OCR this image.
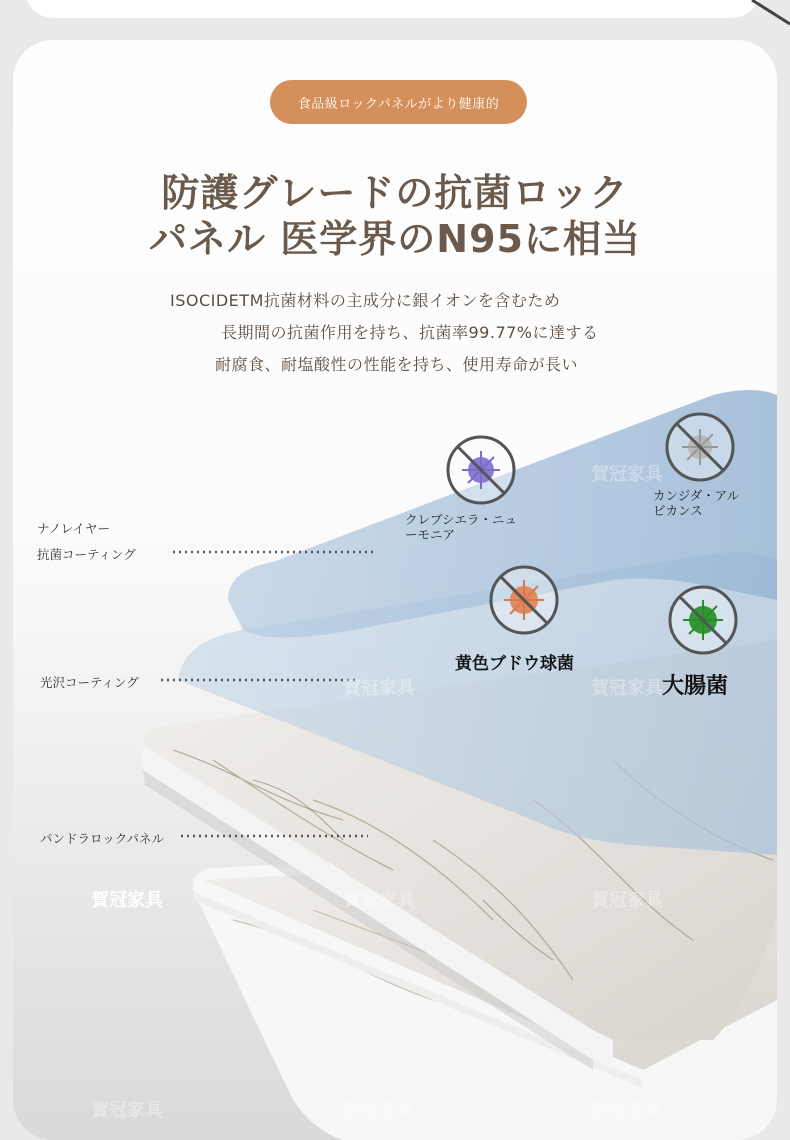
食品級ロックパネルがより健康的
防護グレードの抗菌ロック
パネル 医学界のN95に相当
ISOCIDETM抗菌材料の主成分に銀イオンを含むため
長期間の抗菌作用を持ち、抗菌率99.77%に達する
耐腐食、耐塩酸性の性能を持ち、使用寿命が長い
ナノレイヤー
抗菌コーティング
光沢コーティング
パンドラロックパネル
クレブシエラ・ニュ
ーモニア
カンジダ・アル
ビカンス
黄色ブドウ球菌
大腸菌
賀冠家具
賀冠家具	賀冠家具
賀冠家具	賀冠家具	賀冠家具
賀冠家具	賀冠家具	賀冠家具
